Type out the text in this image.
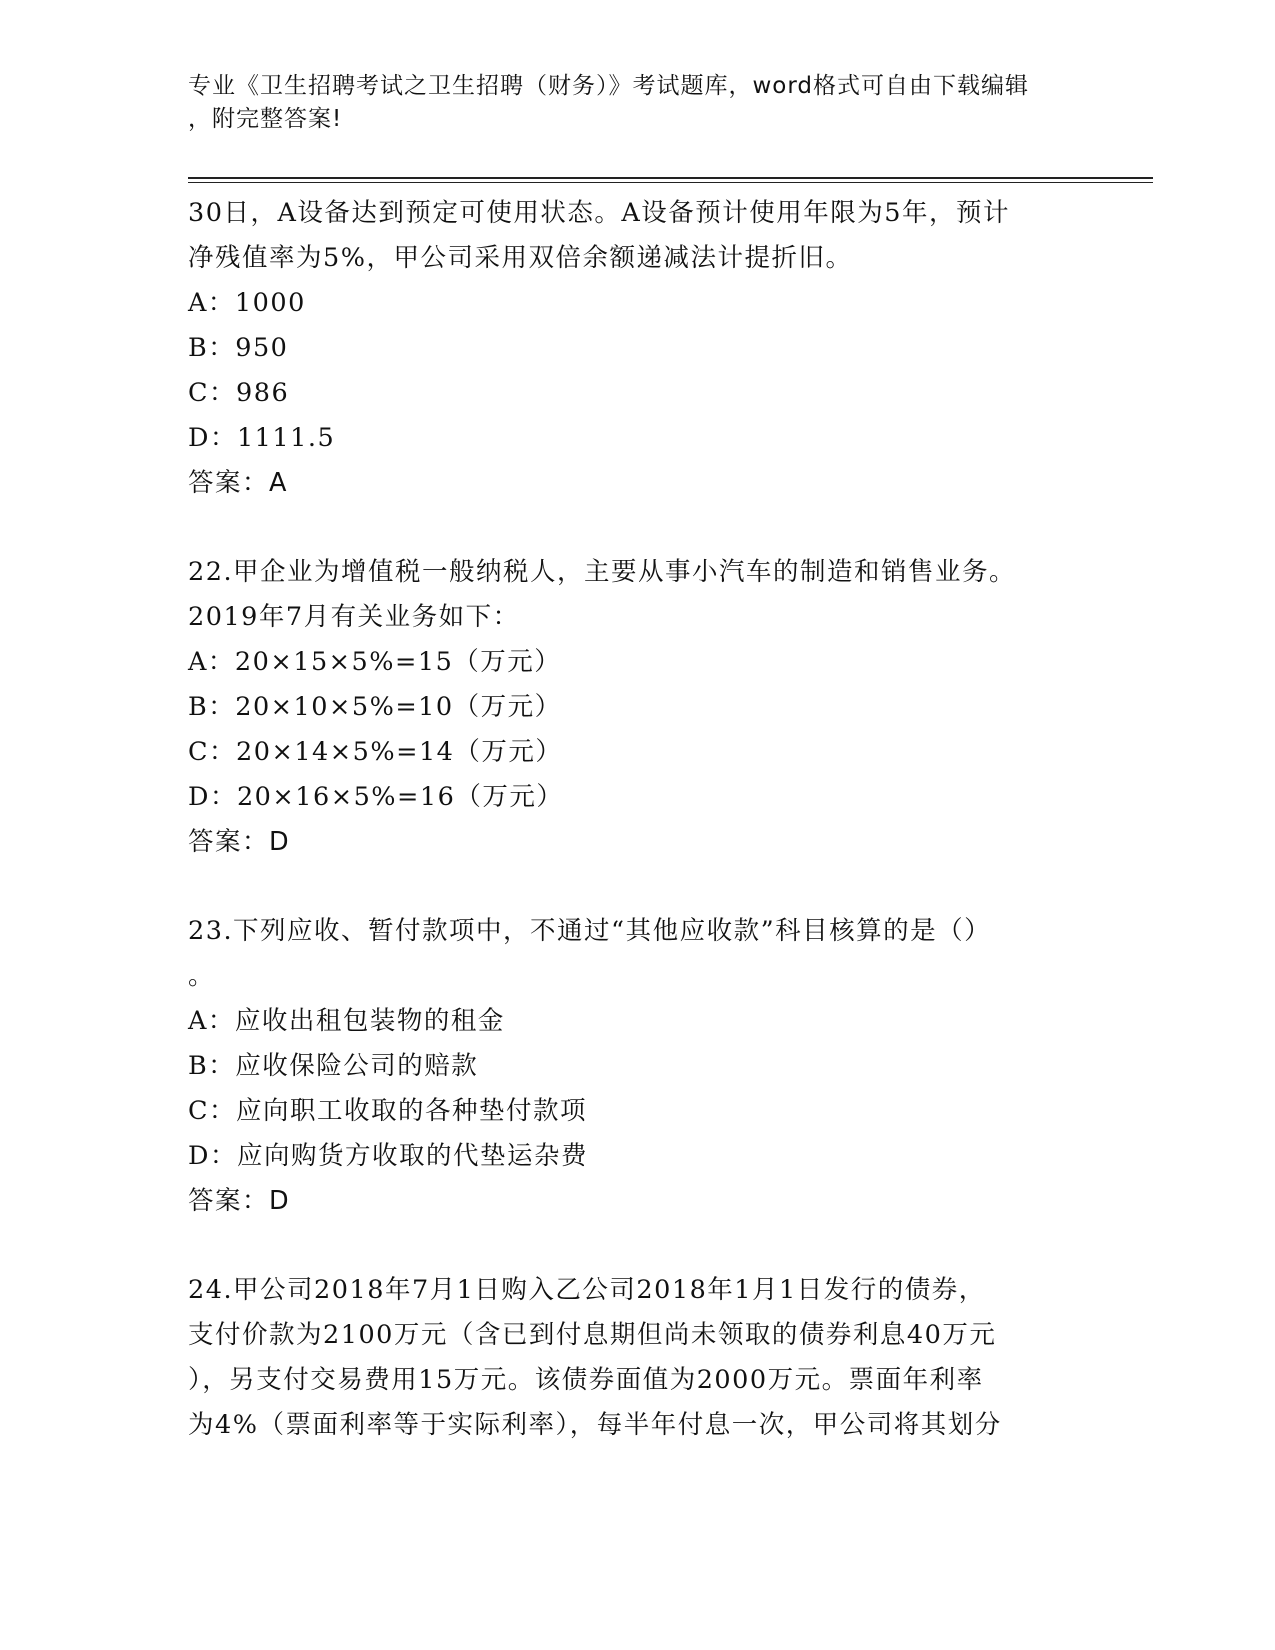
专业《卫生招聘考试之卫生招聘（财务）》考试题库，word格式可自由下载编辑
，附完整答案!
30日，A设备达到预定可使用状态。A设备预计使用年限为5年，预计
净残值率为5%，甲公司采用双倍余额递减法计提折旧。
A：1000
B：950
C：986
D：1111.5
答案：A
22.甲企业为增值税一般纳税人，主要从事小汽车的制造和销售业务。
2019年7月有关业务如下：
A：20×15×5%=15（万元）
B：20×10×5%=10（万元）
C：20×14×5%=14（万元）
D：20×16×5%=16（万元）
答案：D
23.下列应收、暂付款项中，不通过“其他应收款”科目核算的是（）
。
A：应收出租包装物的租金
B：应收保险公司的赔款
C：应向职工收取的各种垫付款项
D：应向购货方收取的代垫运杂费
答案：D
24.甲公司2018年7月1日购入乙公司2018年1月1日发行的债券，
支付价款为2100万元（含已到付息期但尚未领取的债券利息40万元
），另支付交易费用15万元。该债券面值为2000万元。票面年利率
为4%（票面利率等于实际利率），每半年付息一次，甲公司将其划分
